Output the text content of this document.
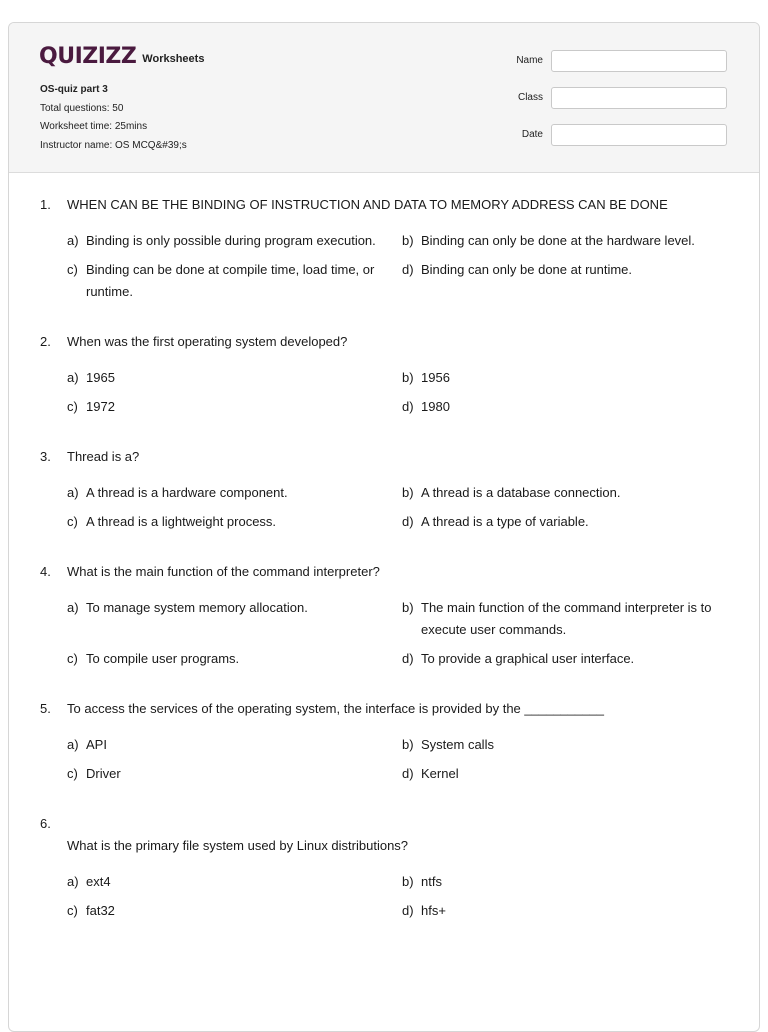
QUIZIZZ Worksheets
OS-quiz part 3
Total questions: 50
Worksheet time: 25mins
Instructor name: OS MCQ&#39;s
Name
Class
Date
1. WHEN CAN BE THE BINDING OF INSTRUCTION AND DATA TO MEMORY ADDRESS CAN BE DONE
a) Binding is only possible during program execution.	b) Binding can only be done at the hardware level.
c) Binding can be done at compile time, load time, or runtime.
d) Binding can only be done at runtime.
2. When was the first operating system developed?
a) 1965	b) 1956
c) 1972	d) 1980
3. Thread is a?
a) A thread is a hardware component.	b) A thread is a database connection.
c) A thread is a lightweight process.	d) A thread is a type of variable.
4. What is the main function of the command interpreter?
a) To manage system memory allocation.	b) The main function of the command interpreter is to execute user commands.
c) To compile user programs.	d) To provide a graphical user interface.
5. To access the services of the operating system, the interface is provided by the ___________
a) API	b) System calls
c) Driver	d) Kernel
6.
What is the primary file system used by Linux distributions?
a) ext4	b) ntfs
c) fat32	d) hfs+
